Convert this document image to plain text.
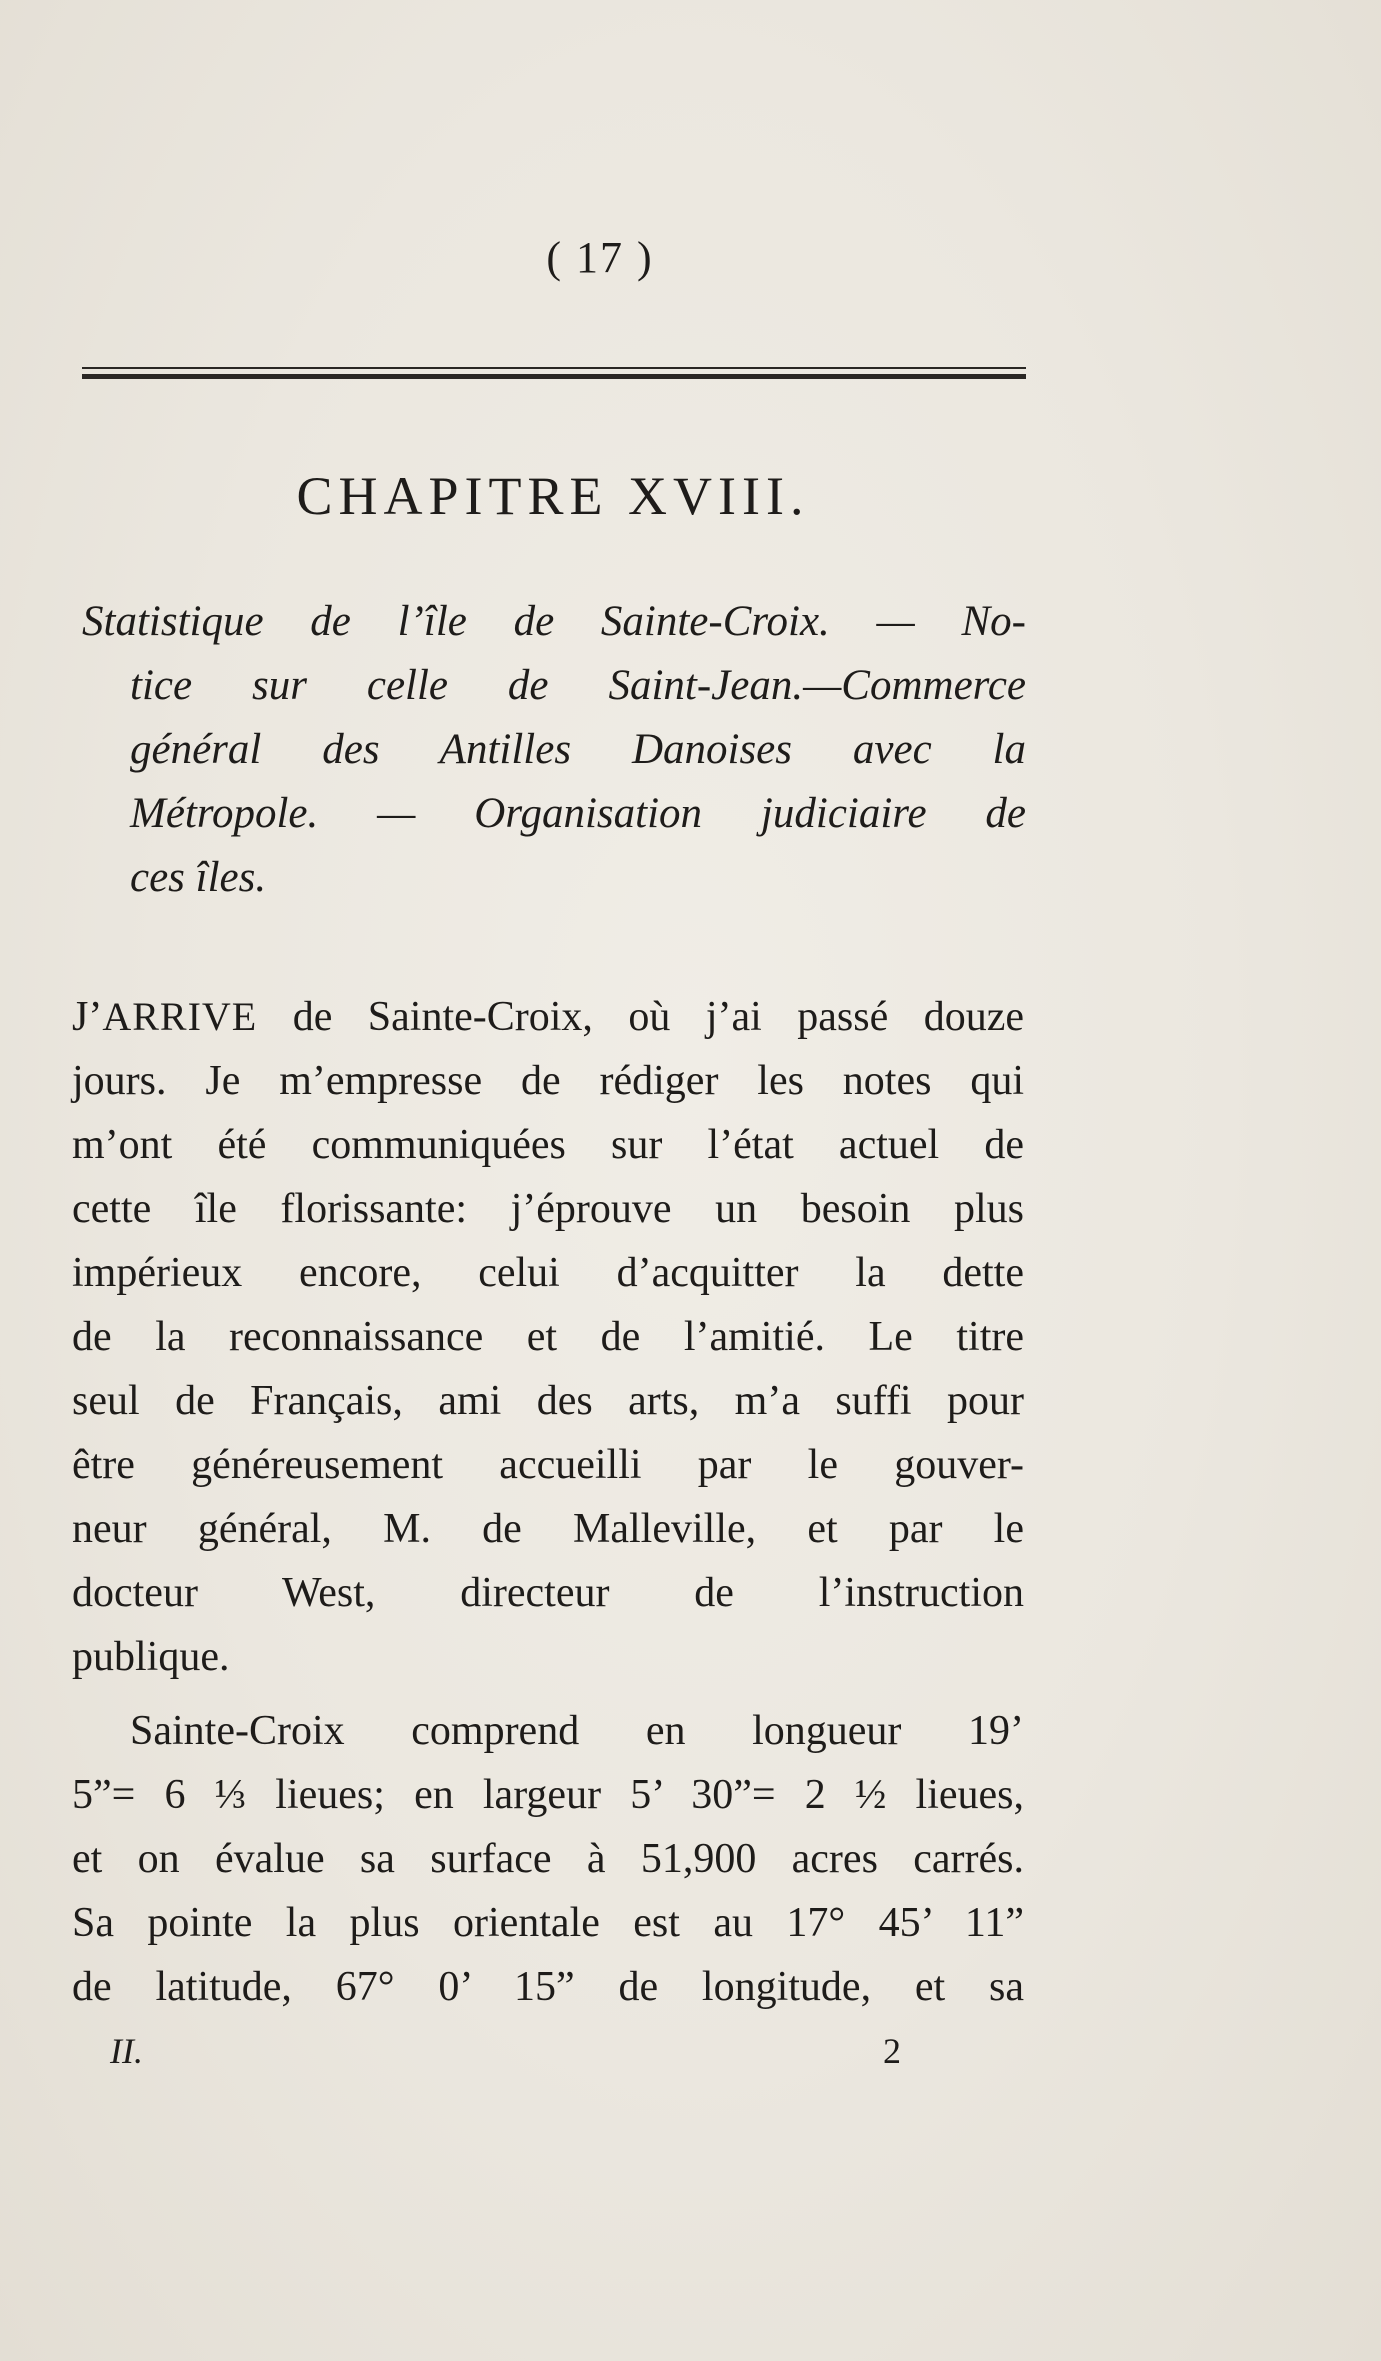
( 17 )
CHAPITRE XVIII.
Statistique de l’île de Sainte-Croix. — No-
tice sur celle de Saint-Jean.—Commerce
général des Antilles Danoises avec la
Métropole. — Organisation judiciaire de
ces îles.
J’ARRIVE de Sainte-Croix, où j’ai passé douze
jours. Je m’empresse de rédiger les notes qui
m’ont été communiquées sur l’état actuel de
cette île florissante: j’éprouve un besoin plus
impérieux encore, celui d’acquitter la dette
de la reconnaissance et de l’amitié. Le titre
seul de Français, ami des arts, m’a suffi pour
être généreusement accueilli par le gouver-
neur général, M. de Malleville, et par le
docteur West, directeur de l’instruction
publique.
Sainte-Croix comprend en longueur 19’
5”= 6 ⅓ lieues; en largeur 5’ 30”= 2 ½ lieues,
et on évalue sa surface à 51,900 acres carrés.
Sa pointe la plus orientale est au 17° 45’ 11”
de latitude, 67° 0’ 15” de longitude, et sa
II.	2
